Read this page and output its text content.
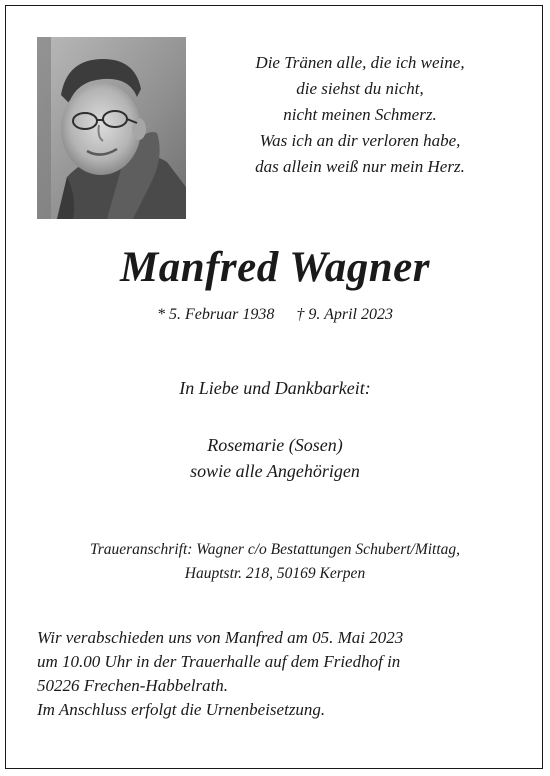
Die Tränen alle, die ich weine,
die siehst du nicht,
nicht meinen Schmerz.
Was ich an dir verloren habe,
das allein weiß nur mein Herz.

Manfred Wagner
* 5. Februar 1938 † 9. April 2023

In Liebe und Dankbarkeit:

Rosemarie (Sosen)
sowie alle Angehörigen

Traueranschrift: Wagner c/o Bestattungen Schubert/Mittag,
Hauptstr. 218, 50169 Kerpen

Wir verabschieden uns von Manfred am 05. Mai 2023
um 10.00 Uhr in der Trauerhalle auf dem Friedhof in
50226 Frechen-Habbelrath.
Im Anschluss erfolgt die Urnenbeisetzung.
